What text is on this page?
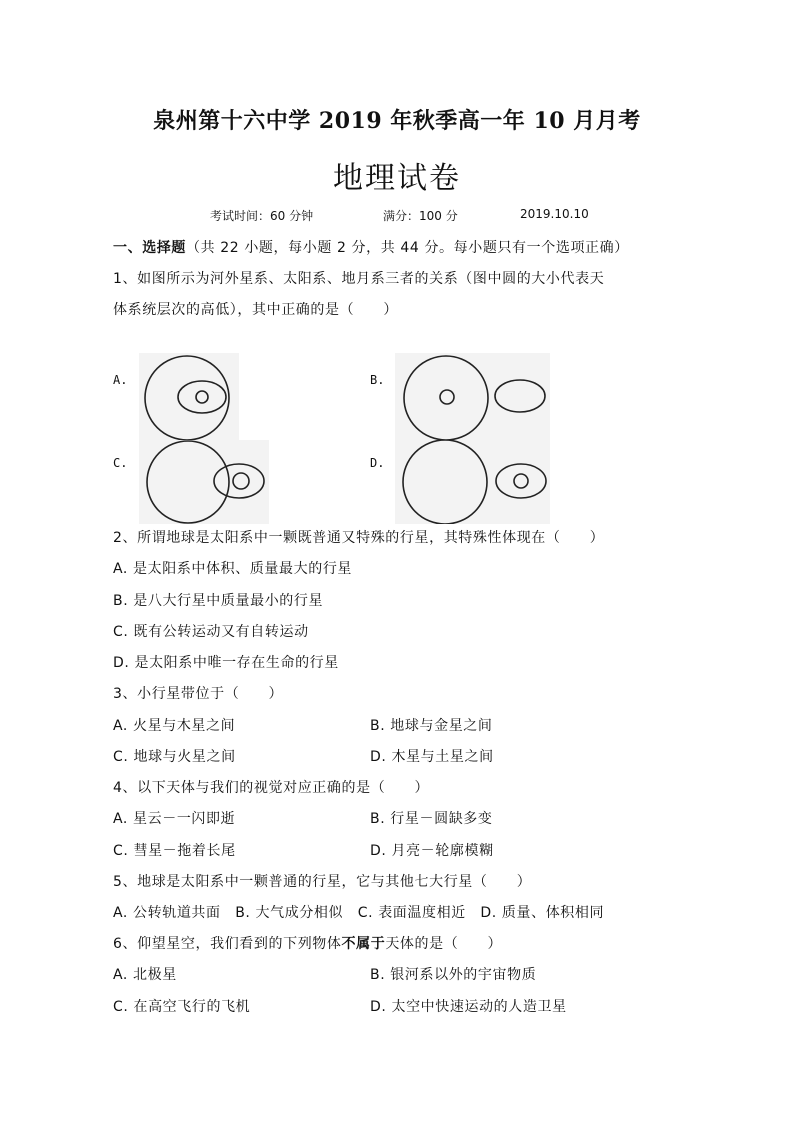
泉州第十六中学 2019 年秋季高一年 10 月月考
地理试卷
考试时间：60 分钟	满分：100 分	2019.10.10
一、选择题（共 22 小题，每小题 2 分，共 44 分。每小题只有一个选项正确）
1、如图所示为河外星系、太阳系、地月系三者的关系（图中圆的大小代表天
体系统层次的高低），其中正确的是（　　）
A.	B.
C.	D.
2、所谓地球是太阳系中一颗既普通又特殊的行星，其特殊性体现在（　　）
A. 是太阳系中体积、质量最大的行星
B. 是八大行星中质量最小的行星
C. 既有公转运动又有自转运动
D. 是太阳系中唯一存在生命的行星
3、小行星带位于（　　）
A. 火星与木星之间	B. 地球与金星之间
C. 地球与火星之间	D. 木星与土星之间
4、以下天体与我们的视觉对应正确的是（　　）
A. 星云－一闪即逝	B. 行星－圆缺多变
C. 彗星－拖着长尾	D. 月亮－轮廓模糊
5、地球是太阳系中一颗普通的行星，它与其他七大行星（　　）
A. 公转轨道共面　B. 大气成分相似　C. 表面温度相近　D. 质量、体积相同
6、仰望星空，我们看到的下列物体不属于天体的是（　　）
A. 北极星	B. 银河系以外的宇宙物质
C. 在高空飞行的飞机	D. 太空中快速运动的人造卫星
